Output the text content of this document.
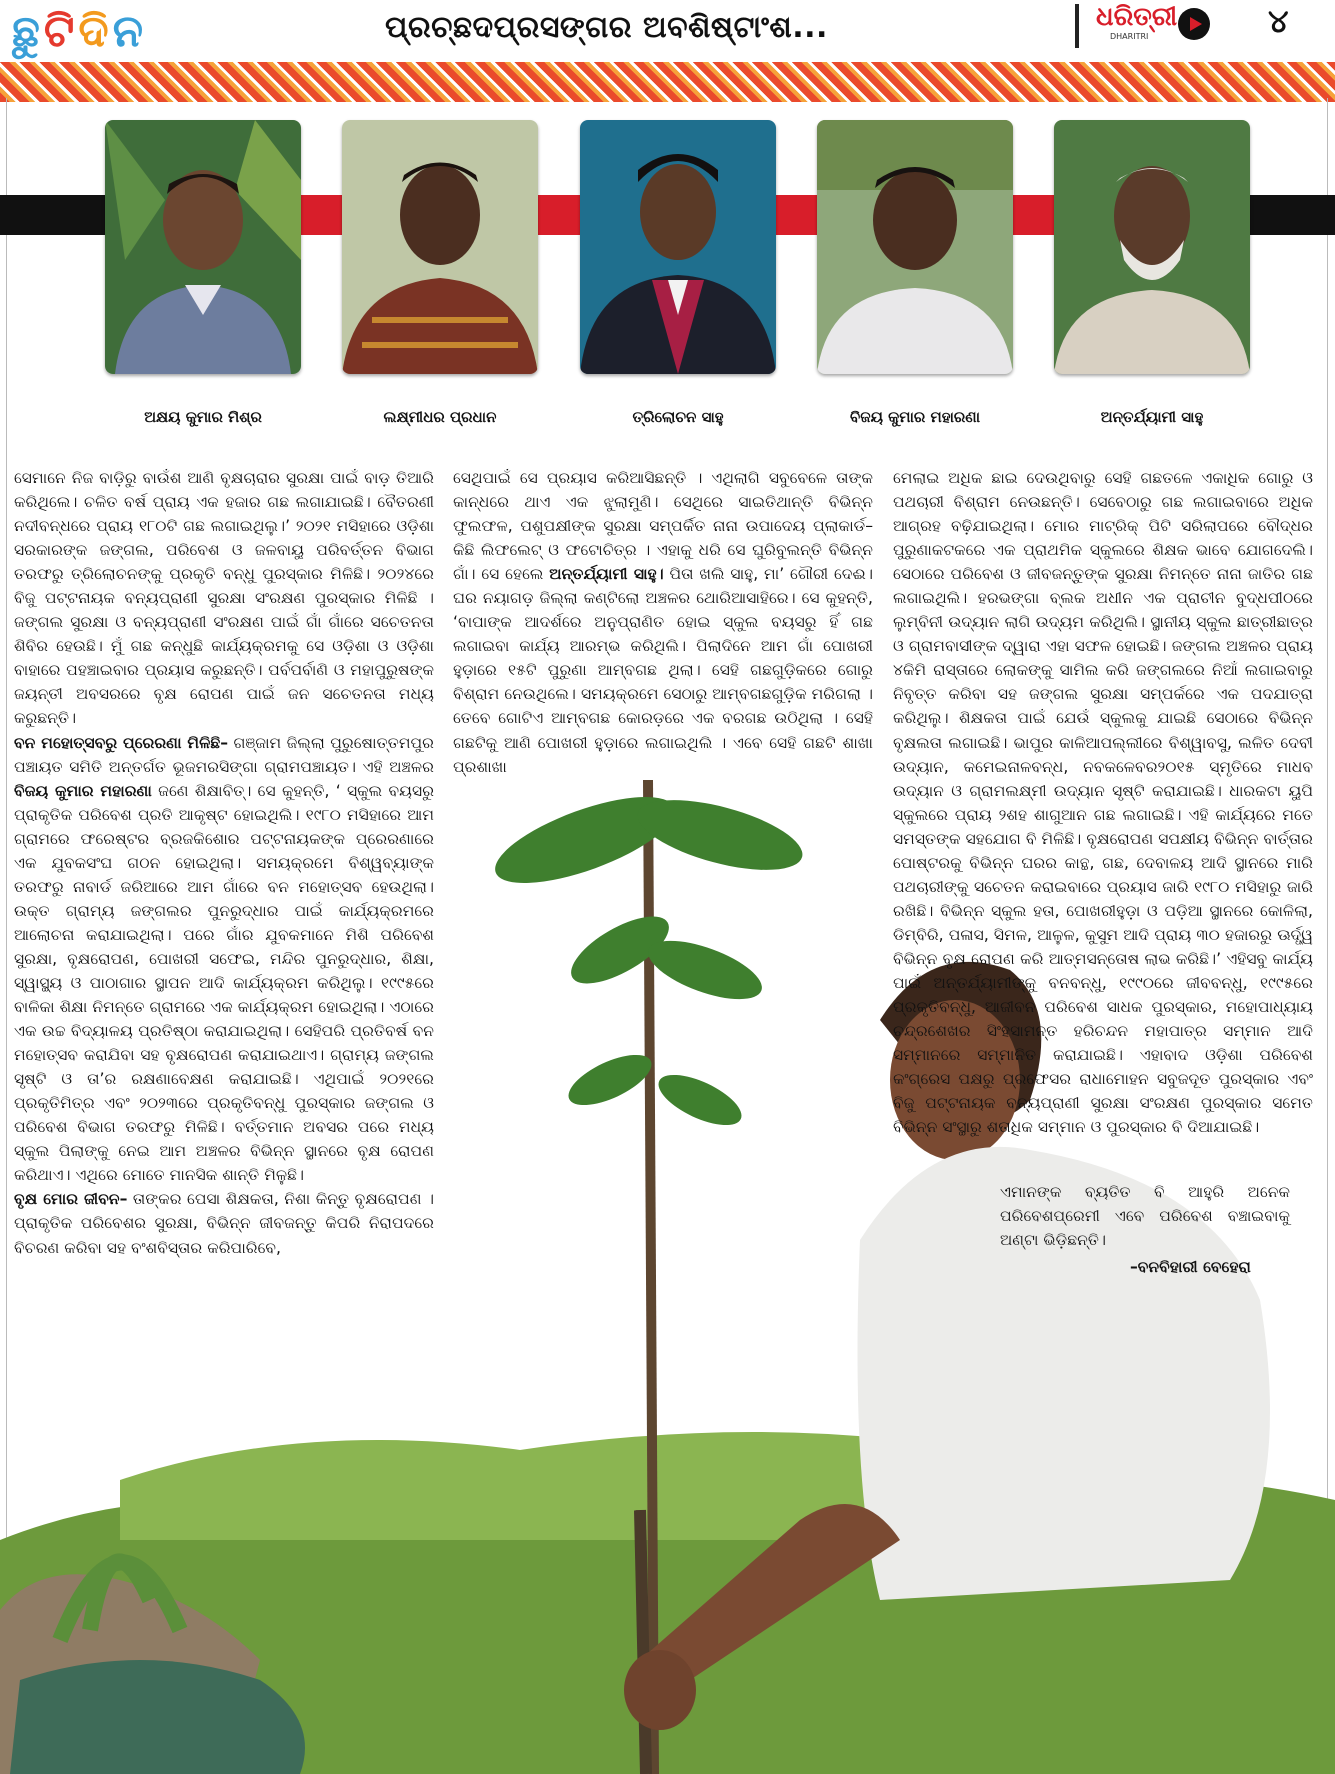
ଛୁ ଟି ଦି ନ	ପ୍ରଚ୍ଛଦପ୍ରସଙ୍ଗର ଅବଶିଷ୍ଟାଂଶ...	ଧରିତ୍ରୀ
DHARITRI	୪
ଅକ୍ଷୟ କୁମାର ମିଶ୍ର	ଲକ୍ଷ୍ମୀଧର ପ୍ରଧାନ	ତ୍ରିଲୋଚନ ସାହୁ	ବିଜୟ କୁମାର ମହାରଣା	ଅନ୍ତର୍ଯ୍ୟାମୀ ସାହୁ
ସେମାନେ ନିଜ ବାଡ଼ିରୁ ବାଉଁଶ ଆଣି ବୃକ୍ଷଚାରାର ସୁରକ୍ଷା ପାଇଁ ବାଡ଼ ତିଆରି କରିଥିଲେ। ଚଳିତ ବର୍ଷ ପ୍ରାୟ ଏକ ହଜାର ଗଛ ଲଗାଯାଇଛି। ବୈତରଣୀ ନଦୀବନ୍ଧରେ ପ୍ରାୟ ୧୮୦ଟି ଗଛ ଲଗାଇଥିଲୁ।’ ୨୦୨୧ ମସିହାରେ ଓଡ଼ିଶା ସରକାରଙ୍କ ଜଙ୍ଗଲ, ପରିବେଶ ଓ ଜଳବାୟୁ ପରିବର୍ତ୍ତନ ବିଭାଗ ତରଫରୁ ତ୍ରିଲୋଚନଙ୍କୁ ପ୍ରକୃତି ବନ୍ଧୁ ପୁରସ୍କାର ମିଳିଛି। ୨୦୨୪ରେ ବିଜୁ ପଟ୍ଟନାୟକ ବନ୍ୟପ୍ରାଣୀ ସୁରକ୍ଷା ସଂରକ୍ଷଣ ପୁରସ୍କାର ମିଳିଛି । ଜଙ୍ଗଲ ସୁରକ୍ଷା ଓ ବନ୍ୟପ୍ରାଣୀ ସଂରକ୍ଷଣ ପାଇଁ ଗାଁ ଗାଁରେ ସଚେତନତା ଶିବିର ହେଉଛି। ମୁଁ ଗଛ କନ୍ଧୁଛି କାର୍ଯ୍ୟକ୍ରମକୁ ସେ ଓଡ଼ିଶା ଓ ଓଡ଼ିଶା ବାହାରେ ପହଞ୍ଚାଇବାର ପ୍ରୟାସ କରୁଛନ୍ତି। ପର୍ବପର୍ବାଣି ଓ ମହାପୁରୁଷଙ୍କ ଜୟନ୍ତୀ ଅବସରରେ ବୃକ୍ଷ ରୋପଣ ପାଇଁ ଜନ ସଚେତନତା ମଧ୍ୟ କରୁଛନ୍ତି।
ବନ ମହୋତ୍ସବରୁ ପ୍ରେରଣା ମିଳିଛି– ଗଞ୍ଜାମ ଜିଲ୍ଲା ପୁରୁଷୋତ୍ତମପୁର ପଞ୍ଚାୟତ ସମିତି ଅନ୍ତର୍ଗତ ଭୂଜମରସିଙ୍ଗା ଗ୍ରାମପଞ୍ଚାୟତ। ଏହି ଅଞ୍ଚଳର ବିଜୟ କୁମାର ମହାରଣା ଜଣେ ଶିକ୍ଷାବିତ୍‌। ସେ କୁହନ୍ତି, ‘ ସ୍କୁଲ ବୟସରୁ ପ୍ରାକୃତିକ ପରିବେଶ ପ୍ରତି ଆକୃଷ୍ଟ ହୋଇଥିଲି। ୧୯୮୦ ମସିହାରେ ଆମ ଗ୍ରାମରେ ଫରେଷ୍ଟର ବ୍ରଜକିଶୋର ପଟ୍ଟନାୟକଙ୍କ ପ୍ରେରଣାରେ ଏକ ଯୁବକସଂଘ ଗଠନ ହୋଇଥିଲା। ସମୟକ୍ରମେ ବିଶ୍ୱବ୍ୟାଙ୍କ ତରଫରୁ ନାବାର୍ଡ ଜରିଆରେ ଆମ ଗାଁରେ ବନ ମହୋତ୍ସବ ହେଉଥିଲା। ଉକ୍ତ ଗ୍ରାମ୍ୟ ଜଙ୍ଗଲର ପୁନରୁଦ୍ଧାର ପାଇଁ କାର୍ଯ୍ୟକ୍ରମରେ ଆଲୋଚନା କରାଯାଇଥିଲା। ପରେ ଗାଁର ଯୁବକମାନେ ମିଶି ପରିବେଶ ସୁରକ୍ଷା, ବୃକ୍ଷରୋପଣ, ପୋଖରୀ ସଫେଇ, ମନ୍ଦିର ପୁନରୁଦ୍ଧାର, ଶିକ୍ଷା, ସ୍ୱାସ୍ଥ୍ୟ ଓ ପାଠାଗାର ସ୍ଥାପନ ଆଦି କାର୍ଯ୍ୟକ୍ରମ କରିଥିଲୁ। ୧୯୯୫ରେ ବାଳିକା ଶିକ୍ଷା ନିମନ୍ତେ ଗ୍ରାମରେ ଏକ କାର୍ଯ୍ୟକ୍ରମ ହୋଇଥିଲା। ଏଠାରେ ଏକ ଉଚ୍ଚ ବିଦ୍ୟାଳୟ ପ୍ରତିଷ୍ଠା କରାଯାଇଥିଲା। ସେହିପରି ପ୍ରତିବର୍ଷ ବନ ମହୋତ୍ସବ କରାଯିବା ସହ ବୃକ୍ଷରୋପଣ କରାଯାଇଥାଏ। ଗ୍ରାମ୍ୟ ଜଙ୍ଗଲ ସୃଷ୍ଟି ଓ ତା’ର ରକ୍ଷଣାବେକ୍ଷଣ କରାଯାଇଛି। ଏଥିପାଇଁ ୨୦୨୧ରେ ପ୍ରକୃତିମିତ୍ର ଏବଂ ୨୦୨୩ରେ ପ୍ରକୃତିବନ୍ଧୁ ପୁରସ୍କାର ଜଙ୍ଗଲ ଓ ପରିବେଶ ବିଭାଗ ତରଫରୁ ମିଳିଛି। ବର୍ତ୍ତମାନ ଅବସର ପରେ ମଧ୍ୟ ସ୍କୁଲ ପିଲାଙ୍କୁ ନେଇ ଆମ ଅଞ୍ଚଳର ବିଭିନ୍ନ ସ୍ଥାନରେ ବୃକ୍ଷ ରୋପଣ କରିଥାଏ। ଏଥିରେ ମୋତେ ମାନସିକ ଶାନ୍ତି ମିଳୁଛି।
ବୃକ୍ଷ ମୋର ଜୀବନ– ତାଙ୍କର ପେସା ଶିକ୍ଷକତା, ନିଶା କିନ୍ତୁ ବୃକ୍ଷରୋପଣ । ପ୍ରାକୃତିକ ପରିବେଶର ସୁରକ୍ଷା, ବିଭିନ୍ନ ଜୀବଜନ୍ତୁ କିପରି ନିରାପଦରେ ବିଚରଣ କରିବା ସହ ବଂଶବିସ୍ତାର କରିପାରିବେ,
ସେଥିପାଇଁ ସେ ପ୍ରୟାସ କରିଆସିଛନ୍ତି । ଏଥିଲାଗି ସବୁବେଳେ ତାଙ୍କ କାନ୍ଧରେ ଥାଏ ଏକ ଝୁଲାମୁଣି। ସେଥିରେ ସାଇତିଥାନ୍ତି ବିଭିନ୍ନ ଫୁଲଫଳ, ପଶୁପକ୍ଷୀଙ୍କ ସୁରକ୍ଷା ସମ୍ପର୍କିତ ନାନା ଉପାଦେୟ ପ୍ଲାକାର୍ଡ–କିଛି ଲିଫଲେଟ୍ ଓ ଫଟୋଚିତ୍ର । ଏହାକୁ ଧରି ସେ ଘୁରିବୁଲନ୍ତି ବିଭିନ୍ନ ଗାଁ। ସେ ହେଲେ ଅନ୍ତର୍ଯ୍ୟାମୀ ସାହୁ। ପିତା ଖଲି ସାହୁ, ମା’ ଗୌରୀ ଦେଈ। ଘର ନୟାଗଡ଼ ଜିଲ୍ଲା କଣ୍ଟିଲୋ ଅଞ୍ଚଳର ଥୋରିଆସାହିରେ। ସେ କୁହନ୍ତି, ‘ବାପାଙ୍କ ଆଦର୍ଶରେ ଅନୁପ୍ରାଣିତ ହୋଇ ସ୍କୁଲ ବୟସରୁ ହିଁ ଗଛ ଲଗାଇବା କାର୍ଯ୍ୟ ଆରମ୍ଭ କରିଥିଲି। ପିଲାଦିନେ ଆମ ଗାଁ ପୋଖରୀ ହୁଡ଼ାରେ ୧୫ଟି ପୁରୁଣା ଆମ୍ବଗଛ ଥିଲା। ସେହି ଗଛଗୁଡ଼ିକରେ ଗୋରୁ ବିଶ୍ରାମ ନେଉଥିଲେ। ସମୟକ୍ରମେ ସେଠାରୁ ଆମ୍ବଗଛଗୁଡ଼ିକ ମରିଗଲା । ତେବେ ଗୋଟିଏ ଆମ୍ବଗଛ କୋରଡ଼ରେ ଏକ ବରଗଛ ଉଠିଥିଲା । ସେହି ଗଛଟିକୁ ଆଣି ପୋଖରୀ ହୁଡ଼ାରେ ଲଗାଇଥିଲି । ଏବେ ସେହି ଗଛଟି ଶାଖା ପ୍ରଶାଖା
ମେଲାଇ ଅଧିକ ଛାଇ ଦେଉଥିବାରୁ ସେହି ଗଛତଳେ ଏକାଧିକ ଗୋରୁ ଓ ପଥଚାରୀ ବିଶ୍ରାମ ନେଉଛନ୍ତି। ସେବେଠାରୁ ଗଛ ଲଗାଇବାରେ ଅଧିକ ଆଗ୍ରହ ବଢ଼ିଯାଇଥିଲା। ମୋର ମାଟ୍ରିକ୍ ପିଟି ସରିଲାପରେ ବୌଦ୍ଧର ପୁରୁଣାକଟକରେ ଏକ ପ୍ରାଥମିକ ସ୍କୁଲରେ ଶିକ୍ଷକ ଭାବେ ଯୋଗଦେଲି। ସେଠାରେ ପରିବେଶ ଓ ଜୀବଜନ୍ତୁଙ୍କ ସୁରକ୍ଷା ନିମନ୍ତେ ନାନା ଜାତିର ଗଛ ଲଗାଇଥିଲି। ହରଭଙ୍ଗା ବ୍ଲକ ଅଧୀନ ଏକ ପ୍ରାଚୀନ ବୁଦ୍ଧପୀଠରେ ଲୁମ୍ବିନୀ ଉଦ୍ୟାନ ଲାଗି ଉଦ୍ୟମ କରିଥିଲି। ସ୍ଥାନୀୟ ସ୍କୁଲ ଛାତ୍ରୀଛାତ୍ର ଓ ଗ୍ରାମବାସୀଙ୍କ ଦ୍ୱାରା ଏହା ସଫଳ ହୋଇଛି। ଜଙ୍ଗଲ ଅଞ୍ଚଳର ପ୍ରାୟ ୪କିମି ରାସ୍ତାରେ ଲୋକଙ୍କୁ ସାମିଲ କରି ଜଙ୍ଗଲରେ ନିଆଁ ଲଗାଇବାରୁ ନିବୃତ୍ତ କରିବା ସହ ଜଙ୍ଗଲ ସୁରକ୍ଷା ସମ୍ପର୍କରେ ଏକ ପଦଯାତ୍ରା କରିଥିଲୁ। ଶିକ୍ଷକତା ପାଇଁ ଯେଉଁ ସ୍କୁଲକୁ ଯାଇଛି ସେଠାରେ ବିଭିନ୍ନ ବୃକ୍ଷଲତା ଲଗାଇଛି। ଭାପୁର କାଳିଆପଲ୍ଲୀରେ ବିଶ୍ୱାବସୁ, ଲଳିତ ଦେବୀ ଉଦ୍ୟାନ, କମେଇନାଳବନ୍ଧ, ନବକଳେବର୨୦୧୫ ସ୍ମୃତିରେ ମାଧବ ଉଦ୍ୟାନ ଓ ଗ୍ରାମଲକ୍ଷ୍ମୀ ଉଦ୍ୟାନ ସୃଷ୍ଟି କରାଯାଇଛି। ଧାରକଟା ୟୁପି ସ୍କୁଲରେ ପ୍ରାୟ ୨ଶହ ଶାଗୁଆନ ଗଛ ଲଗାଇଛି। ଏହି କାର୍ଯ୍ୟରେ ମତେ ସମସ୍ତଙ୍କ ସହଯୋଗ ବି ମିଳିଛି। ବୃକ୍ଷରୋପଣ ସପକ୍ଷୀୟ ବିଭିନ୍ନ ବାର୍ତ୍ତାର ପୋଷ୍ଟରକୁ ବିଭିନ୍ନ ଘରର କାନ୍ଥ, ଗଛ, ଦେବାଳୟ ଆଦି ସ୍ଥାନରେ ମାରି ପଥଚାରୀଙ୍କୁ ସଚେତନ କରାଇବାରେ ପ୍ରୟାସ ଜାରି ୧୯୮୦ ମସିହାରୁ ଜାରି ରଖିଛି। ବିଭିନ୍ନ ସ୍କୁଲ ହତା, ପୋଖରୀହୁଡ଼ା ଓ ପଡ଼ିଆ ସ୍ଥାନରେ କୋଳିଲା, ଡିମ୍ବିରି, ପଳାସ, ସିମଳ, ଆଳୁଳ, କୁସୁମ ଆଦି ପ୍ରାୟ ୩୦ ହଜାରରୁ ଊର୍ଦ୍ଧ୍ୱ ବିଭିନ୍ନ ବୃକ୍ଷ ରୋପଣ କରି ଆତ୍ମସନ୍ତୋଷ ଲାଭ କରିଛି।’ ଏହିସବୁ କାର୍ଯ୍ୟ ପାଇଁ ଅନ୍ତର୍ଯ୍ୟାମୀଙ୍କୁ ବନବନ୍ଧୁ, ୧୯୯୦ରେ ଜୀବବନ୍ଧୁ, ୧୯୯୫ରେ ପ୍ରକୃତିବନ୍ଧୁ, ଆଜୀବନ ପରିବେଶ ସାଧକ ପୁରସ୍କାର, ମହୋପାଧ୍ୟାୟ ଚନ୍ଦ୍ରଶେଖର ସିଂହସାମନ୍ତ ହରିଚନ୍ଦନ ମହାପାତ୍ର ସମ୍ମାନ ଆଦି ସମ୍ମାନରେ ସମ୍ମାନିତ କରାଯାଇଛି। ଏହାବାଦ ଓଡ଼ିଶା ପରିବେଶ କଂଗ୍ରେସ ପକ୍ଷରୁ ପ୍ରଫେସର ରାଧାମୋହନ ସବୁଜଦୂତ ପୁରସ୍କାର ଏବଂ ବିଜୁ ପଟ୍ଟନାୟକ ବନ୍ୟପ୍ରାଣୀ ସୁରକ୍ଷା ସଂରକ୍ଷଣ ପୁରସ୍କାର ସମେତ ବିଭିନ୍ନ ସଂସ୍ଥାରୁ ଶତାଧିକ ସମ୍ମାନ ଓ ପୁରସ୍କାର ବି ଦିଆଯାଇଛି।
ଏମାନଙ୍କ ବ୍ୟତିତ ବି ଆହୁରି ଅନେକ ପରିବେଶପ୍ରେମୀ ଏବେ ପରିବେଶ ବଞ୍ଚାଇବାକୁ ଅଣ୍ଟା ଭିଡ଼ିଛନ୍ତି।
–ବନବିହାରୀ ବେହେରା
